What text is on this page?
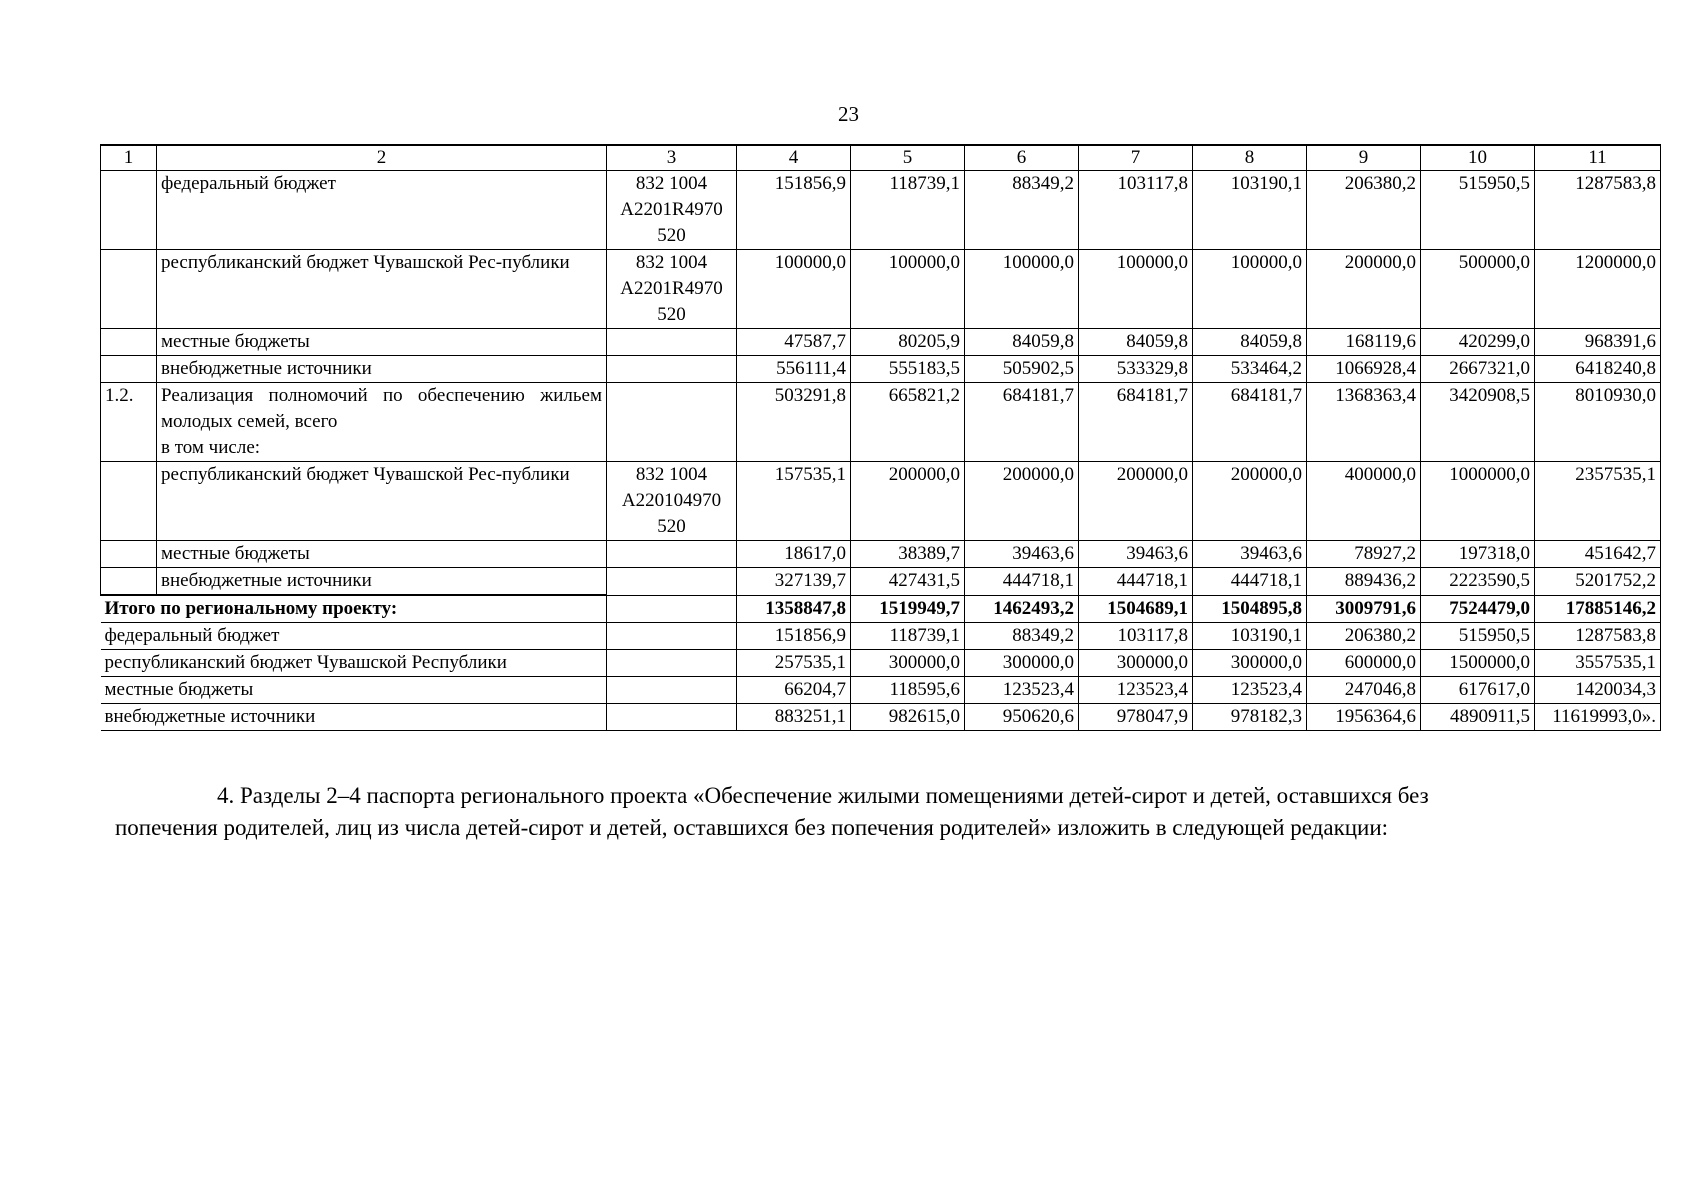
23
1	2	3	4	5	6	7	8	9	10	11

	федеральный бюджет	832 1004
A2201R4970
520	151856,9	118739,1	88349,2	103117,8	103190,1	206380,2	515950,5	1287583,8

	республиканский бюджет Чувашской Рес-публики	832 1004
A2201R4970
520	100000,0	100000,0	100000,0	100000,0	100000,0	200000,0	500000,0	1200000,0

	местные бюджеты		47587,7	80205,9	84059,8	84059,8	84059,8	168119,6	420299,0	968391,6

	внебюджетные источники		556111,4	555183,5	505902,5	533329,8	533464,2	1066928,4	2667321,0	6418240,8
1.2.	Реализация полномочий по обеспечению жильем молодых семей, всего
в том числе:		503291,8	665821,2	684181,7	684181,7	684181,7	1368363,4	3420908,5	8010930,0

	республиканский бюджет Чувашской Рес-публики	832 1004
A220104970
520	157535,1	200000,0	200000,0	200000,0	200000,0	400000,0	1000000,0	2357535,1

	местные бюджеты		18617,0	38389,7	39463,6	39463,6	39463,6	78927,2	197318,0	451642,7

	внебюджетные источники		327139,7	427431,5	444718,1	444718,1	444718,1	889436,2	2223590,5	5201752,2
Итого по региональному проекту:			1358847,8	1519949,7	1462493,2	1504689,1	1504895,8	3009791,6	7524479,0	17885146,2
федеральный бюджет			151856,9	118739,1	88349,2	103117,8	103190,1	206380,2	515950,5	1287583,8
республиканский бюджет Чувашской Республики			257535,1	300000,0	300000,0	300000,0	300000,0	600000,0	1500000,0	3557535,1
местные бюджеты			66204,7	118595,6	123523,4	123523,4	123523,4	247046,8	617617,0	1420034,3
внебюджетные источники			883251,1	982615,0	950620,6	978047,9	978182,3	1956364,6	4890911,5	11619993,0».
4. Разделы 2–4 паспорта регионального проекта «Обеспечение жилыми помещениями детей-сирот и детей, оставшихся без
попечения родителей, лиц из числа детей-сирот и детей, оставшихся без попечения родителей» изложить в следующей редакции:
